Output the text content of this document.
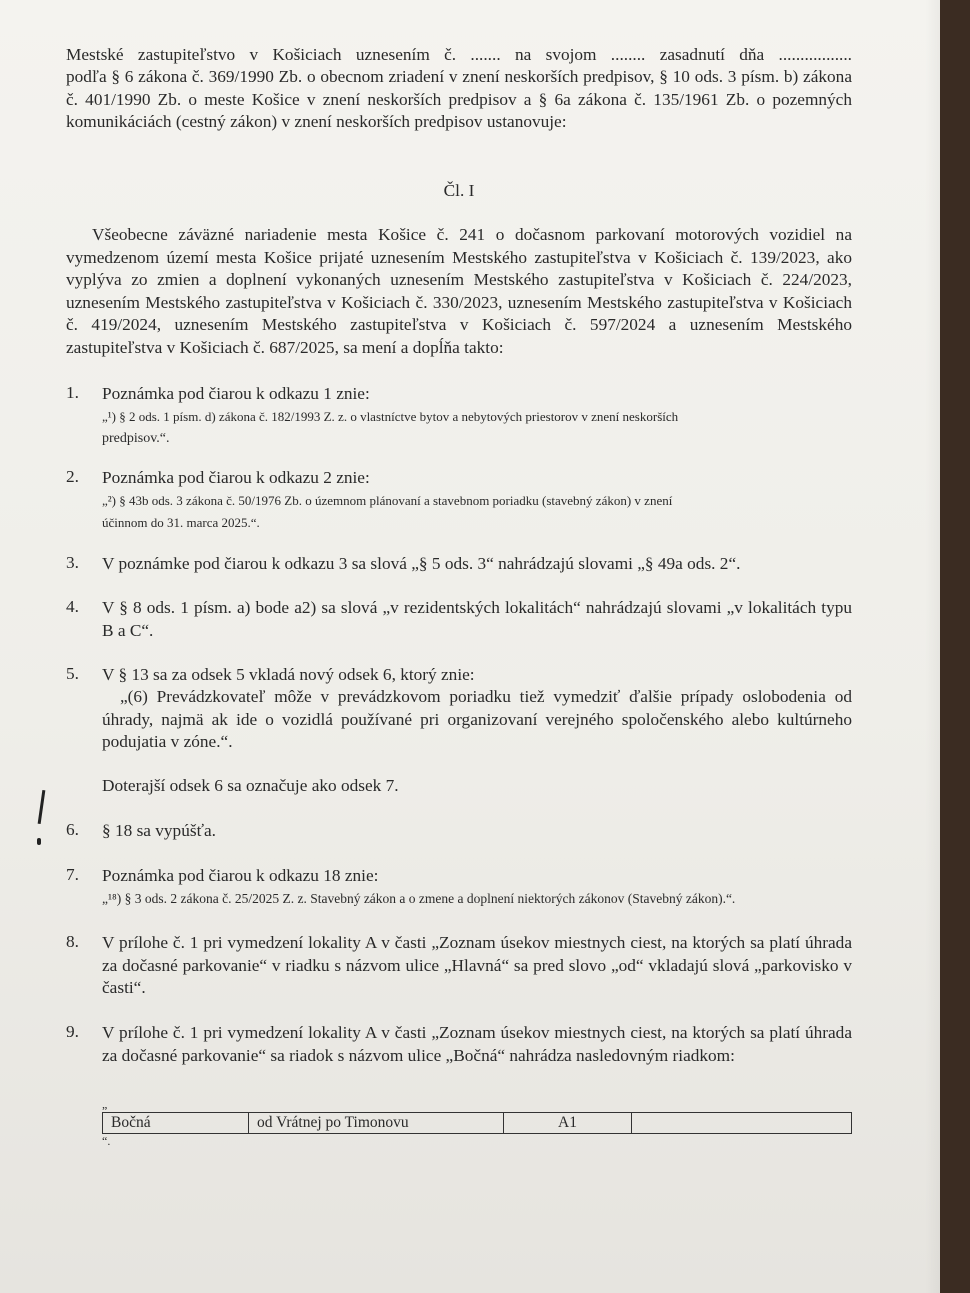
Mestské zastupiteľstvo v Košiciach uznesením č. ....... na svojom ........ zasadnutí dňa .................
podľa § 6 zákona č. 369/1990 Zb. o obecnom zriadení v znení neskorších predpisov, § 10 ods. 3 písm. b) zákona č. 401/1990 Zb. o meste Košice v znení neskorších predpisov a § 6a zákona č. 135/1961 Zb. o pozemných komunikáciách (cestný zákon) v znení neskorších predpisov ustanovuje:
Čl. I
Všeobecne záväzné nariadenie mesta Košice č. 241 o dočasnom parkovaní motorových vozidiel na vymedzenom území mesta Košice prijaté uznesením Mestského zastupiteľstva v Košiciach č. 139/2023, ako vyplýva zo zmien a doplnení vykonaných uznesením Mestského zastupiteľstva v Košiciach č. 224/2023, uznesením Mestského zastupiteľstva v Košiciach č. 330/2023, uznesením Mestského zastupiteľstva v Košiciach č. 419/2024, uznesením Mestského zastupiteľstva v Košiciach č. 597/2024 a uznesením Mestského zastupiteľstva v Košiciach č. 687/2025, sa mení a dopĺňa takto:
1. Poznámka pod čiarou k odkazu 1 znie:
„¹) § 2 ods. 1 písm. d) zákona č. 182/1993 Z. z. o vlastníctve bytov a nebytových priestorov v znení neskorších
predpisov.“.
2. Poznámka pod čiarou k odkazu 2 znie:
„²) § 43b ods. 3 zákona č. 50/1976 Zb. o územnom plánovaní a stavebnom poriadku (stavebný zákon) v znení
účinnom do 31. marca 2025.“.
3. V poznámke pod čiarou k odkazu 3 sa slová „§ 5 ods. 3“ nahrádzajú slovami „§ 49a ods. 2“.
4. V § 8 ods. 1 písm. a) bode a2) sa slová „v rezidentských lokalitách“ nahrádzajú slovami „v lokalitách typu B a C“.
5. V § 13 sa za odsek 5 vkladá nový odsek 6, ktorý znie:
„(6) Prevádzkovateľ môže v prevádzkovom poriadku tiež vymedziť ďalšie prípady oslobodenia od úhrady, najmä ak ide o vozidlá používané pri organizovaní verejného spoločenského alebo kultúrneho podujatia v zóne.“.
Doterajší odsek 6 sa označuje ako odsek 7.
6. § 18 sa vypúšťa.
7. Poznámka pod čiarou k odkazu 18 znie:
„¹⁸) § 3 ods. 2 zákona č. 25/2025 Z. z. Stavebný zákon a o zmene a doplnení niektorých zákonov (Stavebný zákon).“.
8. V prílohe č. 1 pri vymedzení lokality A v časti „Zoznam úsekov miestnych ciest, na ktorých sa platí úhrada za dočasné parkovanie“ v riadku s názvom ulice „Hlavná“ sa pred slovo „od“ vkladajú slová „parkovisko v časti“.
9. V prílohe č. 1 pri vymedzení lokality A v časti „Zoznam úsekov miestnych ciest, na ktorých sa platí úhrada za dočasné parkovanie“ sa riadok s názvom ulice „Bočná“ nahrádza nasledovným riadkom:
„
Bočná	od Vrátnej po Timonovu	A1
“.
